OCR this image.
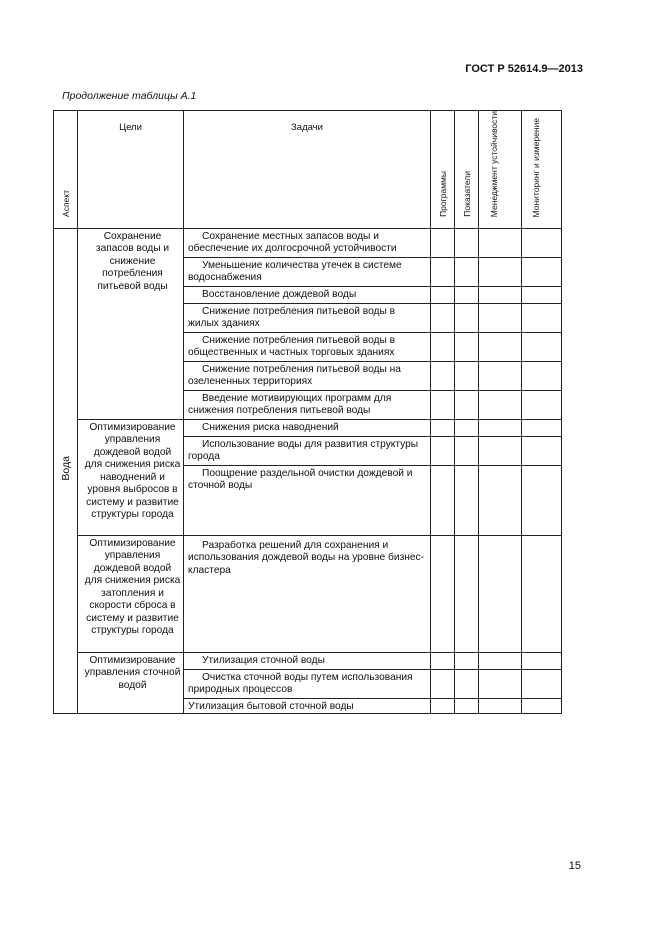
ГОСТ Р 52614.9—2013
Продолжение таблицы А.1
Аспект	Цели	Задачи	Программы	Показатели	Менеджмент устойчивости	Мониторинг и измерение
Вода	Сохранение запасов воды и снижение потребления питьевой воды	Сохранение местных запасов воды и обеспечение их долгосрочной устойчивости				
		Уменьшение количества утечек в системе водоснабжения				
		Восстановление дождевой воды				
		Снижение потребления питьевой воды в жилых зданиях				
		Снижение потребления питьевой воды в общественных и частных торговых зданиях				
		Снижение потребления питьевой воды на озелененных территориях				
		Введение мотивирующих программ для снижения потребления питьевой воды				
	Оптимизирование управления дождевой водой для снижения риска наводнений и уровня выбросов в систему и развитие структуры города	Снижения риска наводнений				
		Использование воды для развития структуры города				
		Поощрение раздельной очистки дождевой и сточной воды				
	Оптимизирование управления дождевой водой для снижения риска затопления и скорости сброса в систему и развитие структуры города	Разработка решений для сохранения и использования дождевой воды на уровне бизнес-кластера				
	Оптимизирование управления сточной водой	Утилизация сточной воды				
		Очистка сточной воды путем использования природных процессов				
		Утилизация бытовой сточной воды				
15
